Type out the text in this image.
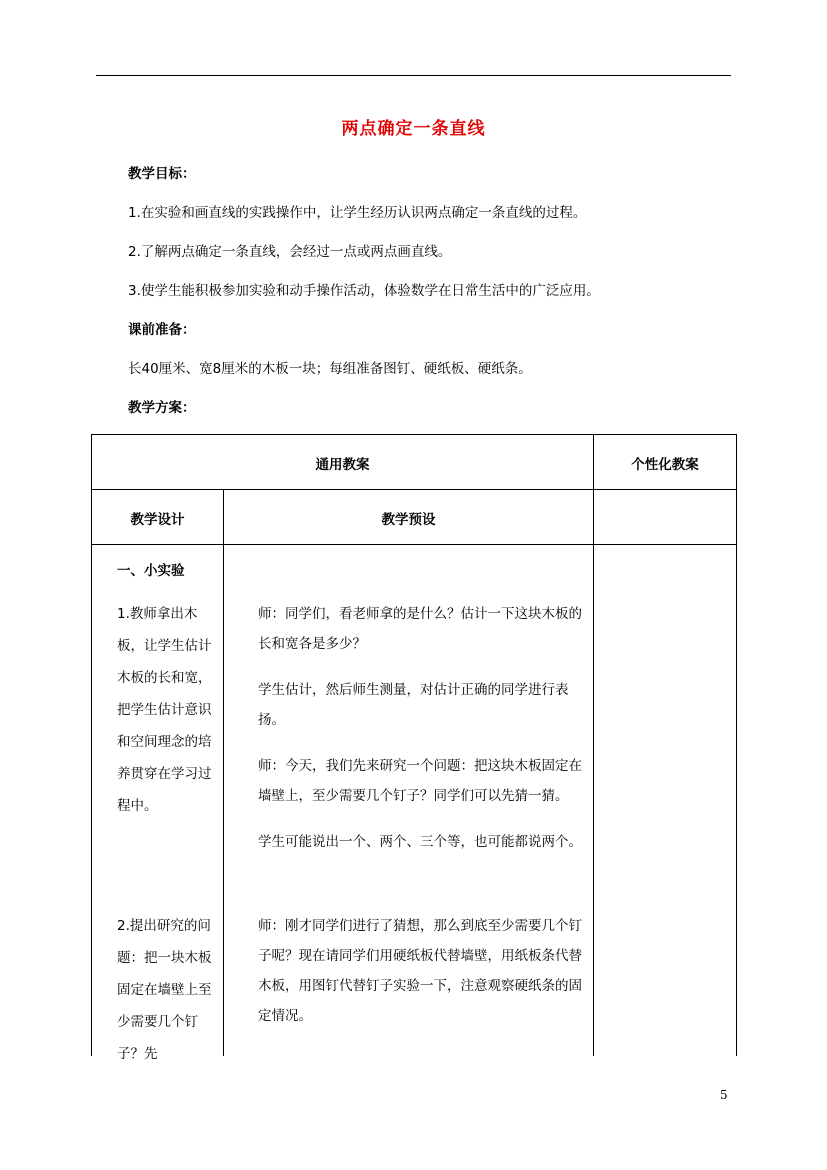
两点确定一条直线
教学目标：
1.在实验和画直线的实践操作中，让学生经历认识两点确定一条直线的过程。
2.了解两点确定一条直线，会经过一点或两点画直线。
3.使学生能积极参加实验和动手操作活动，体验数学在日常生活中的广泛应用。
课前准备：
长40厘米、宽8厘米的木板一块；每组准备图钉、硬纸板、硬纸条。
教学方案：
通用教案	个性化教案
教学设计	教学预设
一、小实验
1.教师拿出木板，让学生估计木板的长和宽，把学生估计意识和空间理念的培养贯穿在学习过程中。
师：同学们，看老师拿的是什么？估计一下这块木板的长和宽各是多少？
学生估计，然后师生测量，对估计正确的同学进行表扬。
师：今天，我们先来研究一个问题：把这块木板固定在墙壁上，至少需要几个钉子？同学们可以先猜一猜。
学生可能说出一个、两个、三个等，也可能都说两个。
2.提出研究的问题：把一块木板固定在墙壁上至少需要几个钉子？先
师：刚才同学们进行了猜想，那么到底至少需要几个钉子呢？现在请同学们用硬纸板代替墙壁，用纸板条代替木板，用图钉代替钉子实验一下，注意观察硬纸条的固定情况。
5
